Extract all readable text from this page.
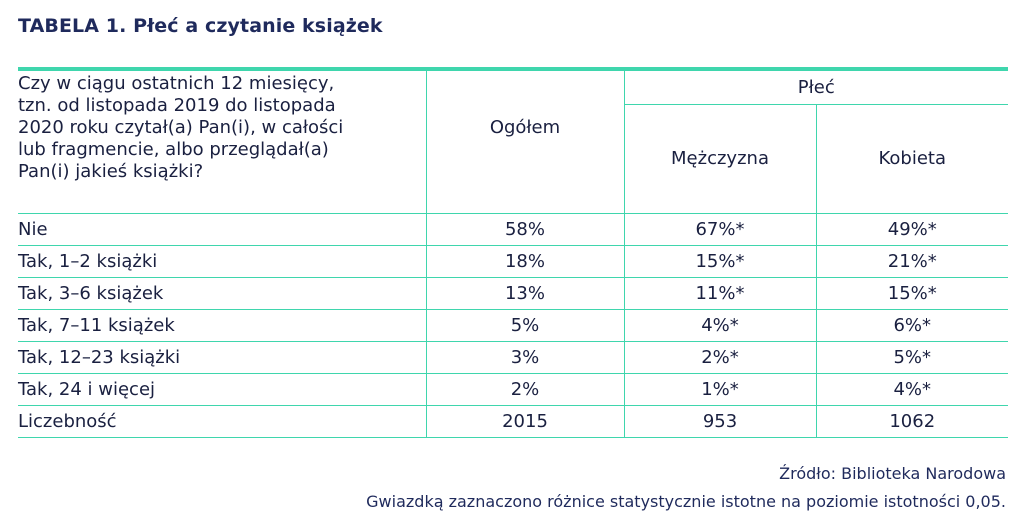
TABELA 1. Płeć a czytanie książek
Czy w ciągu ostatnich 12 miesięcy,
tzn. od listopada 2019 do listopada
2020 roku czytał(a) Pan(i), w całości
lub fragmencie, albo przeglądał(a)
Pan(i) jakieś książki?	Ogółem	Płeć	
		Mężczyzna	Kobieta
Nie	58%	67%*	49%*
Tak, 1–2 książki	18%	15%*	21%*
Tak, 3–6 książek	13%	11%*	15%*
Tak, 7–11 książek	5%	4%*	6%*
Tak, 12–23 książki	3%	2%*	5%*
Tak, 24 i więcej	2%	1%*	4%*
Liczebność	2015	953	1062
Źródło: Biblioteka Narodowa
Gwiazdką zaznaczono różnice statystycznie istotne na poziomie istotności 0,05.
